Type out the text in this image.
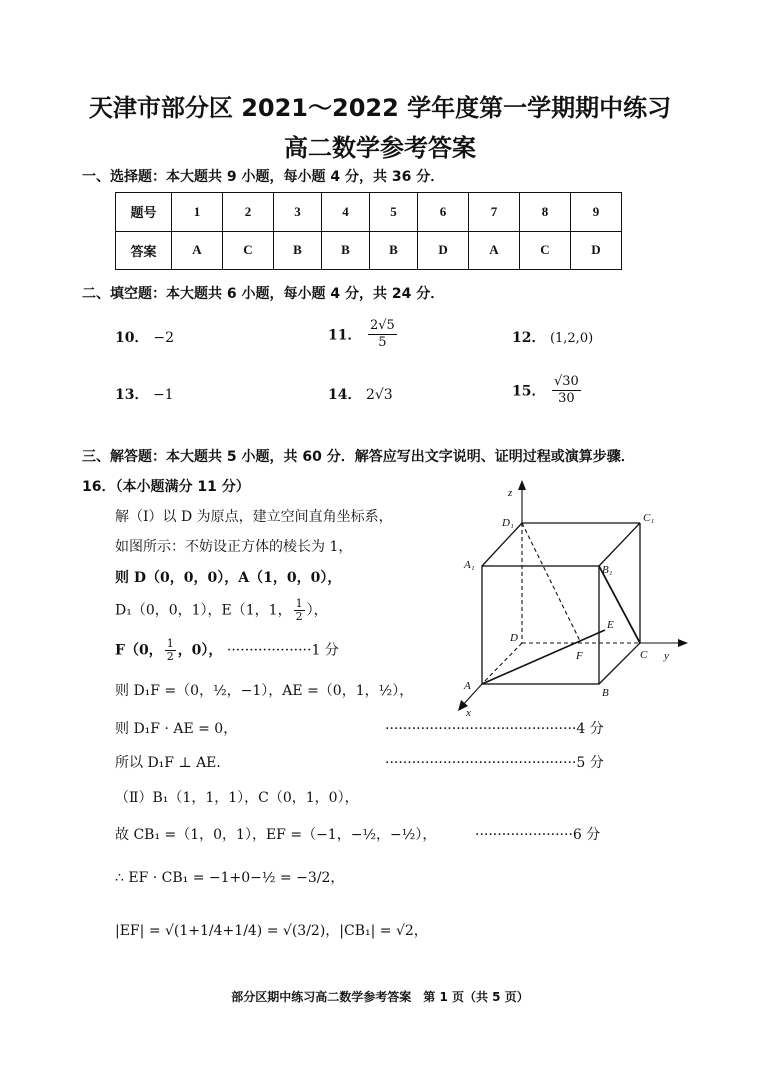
天津市部分区 2021～2022 学年度第一学期期中练习
高二数学参考答案
一、选择题：本大题共 9 小题，每小题 4 分，共 36 分．
题号	1	2	3	4	5	6	7	8	9
答案	A	C	B	B	B	D	A	C	D
二、填空题：本大题共 6 小题，每小题 4 分，共 24 分．
10． −2	11． $\frac{2√5}{5}$	12． (1,2,0)
13． −1	14． 2√3	15． $\frac{√30}{30}$
三、解答题：本大题共 5 小题，共 60 分．解答应写出文字说明、证明过程或演算步骤．
16．（本小题满分 11 分）
解（Ⅰ）以 D 为原点，建立空间直角坐标系，
如图所示：不妨设正方体的棱长为 1，
则 D（0，0，0），A（1，0，0），
D₁（0，0，1），E（1，1， $\frac{1}{2}$ ），
F（0， $\frac{1}{2}$ ，0）， ···················1 分
则 D₁F =（0，½，−1），AE =（0，1，½），
则 D₁F · AE = 0，	···········································4 分
所以 D₁F ⊥ AE．	···········································5 分
（Ⅱ）B₁（1，1，1），C（0，1，0），
故 CB₁ =（1，0，1），EF =（−1，−½，−½），	······················6 分
∴ EF · CB₁ = −1+0−½ = −3/2，
|EF| = √(1+1/4+1/4) = √(3/2)，|CB₁| = √2，
z
D₁	C₁
A₁	B₁
D
E
F	C y
A
B
x
部分区期中练习高二数学参考答案　第 1 页（共 5 页）
